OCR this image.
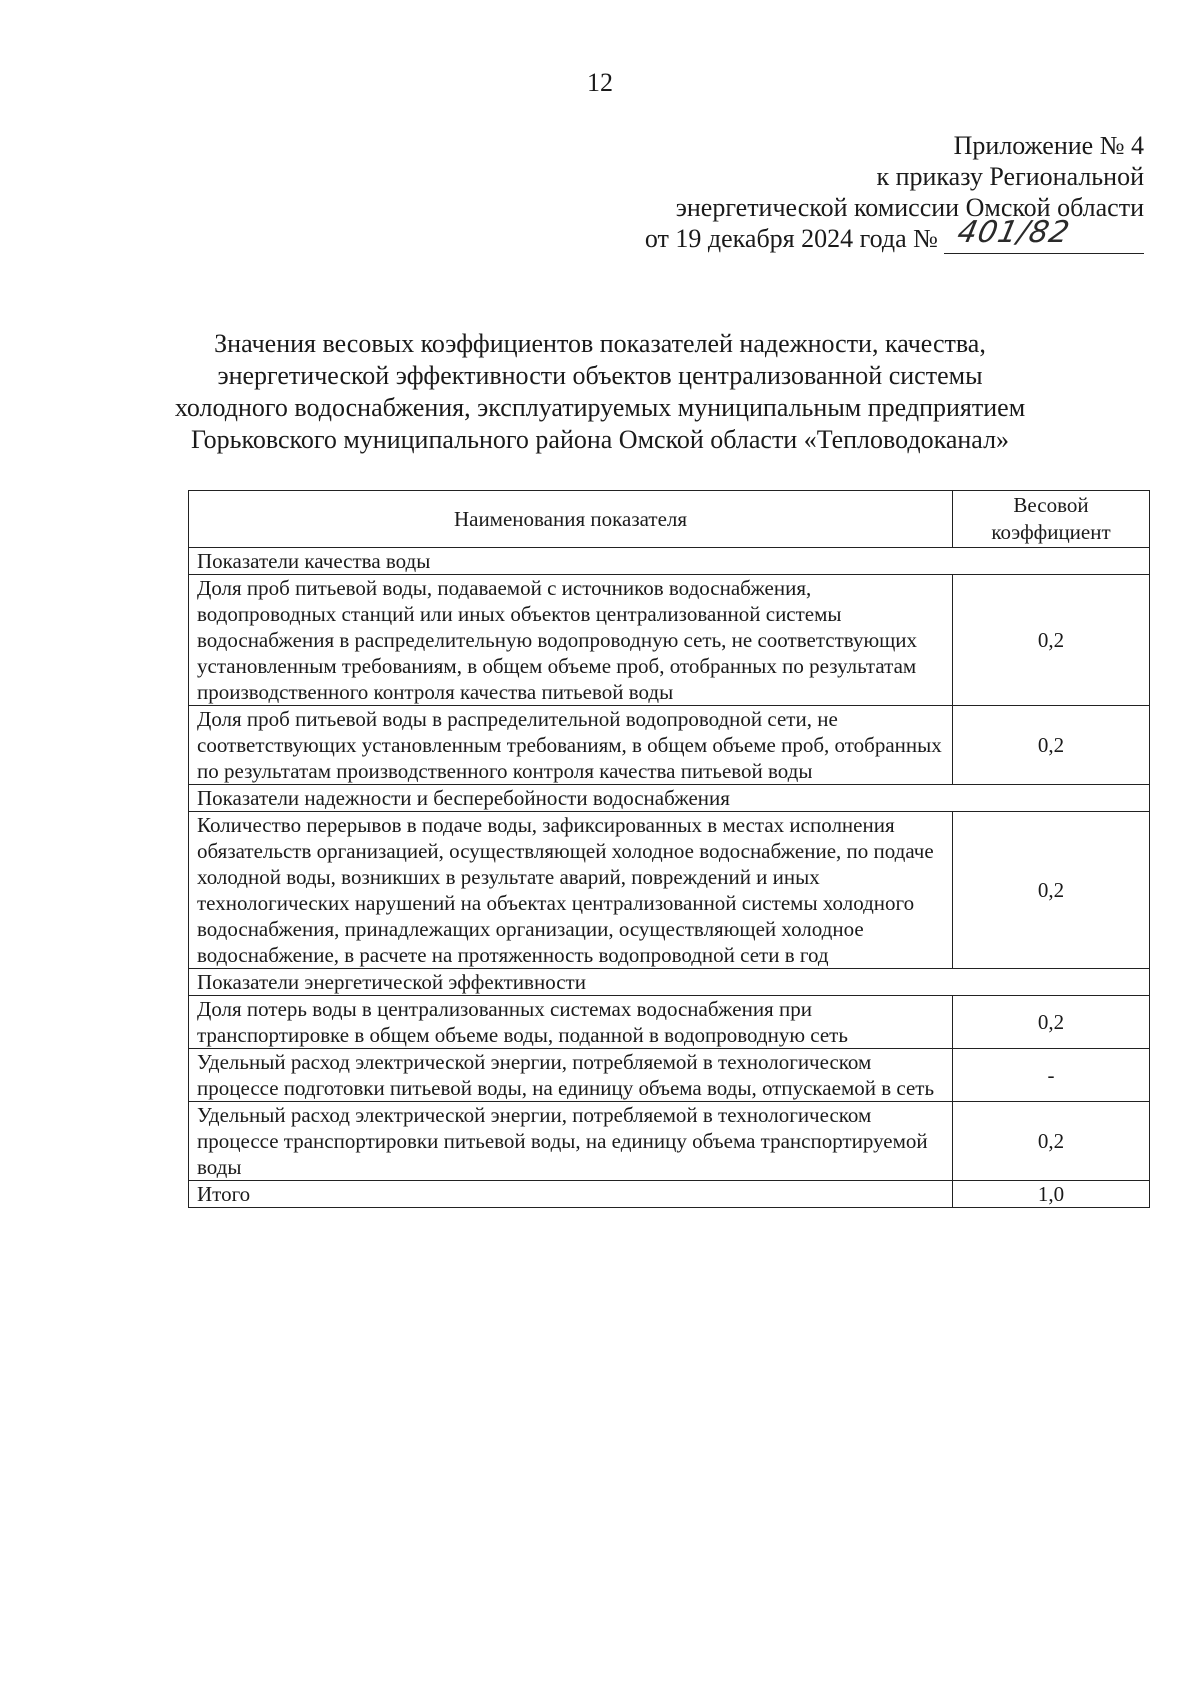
12
Приложение № 4
к приказу Региональной
энергетической комиссии Омской области
от 19 декабря 2024 года № 401/82
Значения весовых коэффициентов показателей надежности, качества,
энергетической эффективности объектов централизованной системы
холодного водоснабжения, эксплуатируемых муниципальным предприятием
Горьковского муниципального района Омской области «Тепловодоканал»
Наименования показателя	Весовой коэффициент
Показатели качества воды	
Доля проб питьевой воды, подаваемой с источников водоснабжения, водопроводных станций или иных объектов централизованной системы водоснабжения в распределительную водопроводную сеть, не соответствующих установленным требованиям, в общем объеме проб, отобранных по результатам производственного контроля качества питьевой воды	0,2
Доля проб питьевой воды в распределительной водопроводной сети, не соответствующих установленным требованиям, в общем объеме проб, отобранных по результатам производственного контроля качества питьевой воды	0,2
Показатели надежности и бесперебойности водоснабжения	
Количество перерывов в подаче воды, зафиксированных в местах исполнения обязательств организацией, осуществляющей холодное водоснабжение, по подаче холодной воды, возникших в результате аварий, повреждений и иных технологических нарушений на объектах централизованной системы холодного водоснабжения, принадлежащих организации, осуществляющей холодное водоснабжение, в расчете на протяженность водопроводной сети в год	0,2
Показатели энергетической эффективности	
Доля потерь воды в централизованных системах водоснабжения при транспортировке в общем объеме воды, поданной в водопроводную сеть	0,2
Удельный расход электрической энергии, потребляемой в технологическом процессе подготовки питьевой воды, на единицу объема воды, отпускаемой в сеть	-
Удельный расход электрической энергии, потребляемой в технологическом процессе транспортировки питьевой воды, на единицу объема транспортируемой воды	0,2
Итого	1,0
